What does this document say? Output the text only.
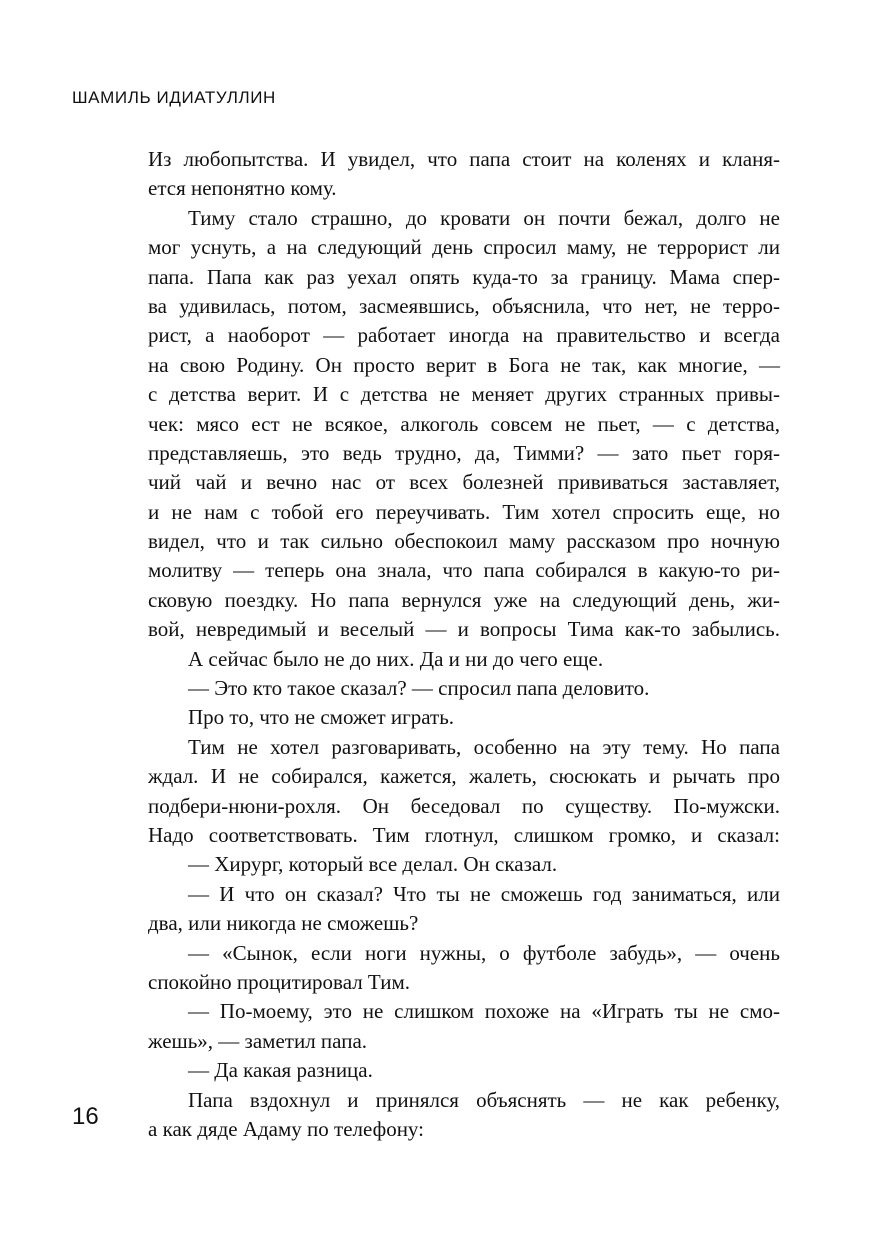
ШАМИЛЬ ИДИАТУЛЛИН
Из любопытства. И увидел, что папа стоит на коленях и кланя-
ется непонятно кому.
Тиму стало страшно, до кровати он почти бежал, долго не
мог уснуть, а на следующий день спросил маму, не террорист ли
папа. Папа как раз уехал опять куда-то за границу. Мама спер-
ва удивилась, потом, засмеявшись, объяснила, что нет, не терро-
рист, а наоборот — работает иногда на правительство и всегда
на свою Родину. Он просто верит в Бога не так, как многие, —
с детства верит. И с детства не меняет других странных привы-
чек: мясо ест не всякое, алкоголь совсем не пьет, — с детства,
представляешь, это ведь трудно, да, Тимми? — зато пьет горя-
чий чай и вечно нас от всех болезней прививаться заставляет,
и не нам с тобой его переучивать. Тим хотел спросить еще, но
видел, что и так сильно обеспокоил маму рассказом про ночную
молитву — теперь она знала, что папа собирался в какую-то ри-
сковую поездку. Но папа вернулся уже на следующий день, жи-
вой, невредимый и веселый — и вопросы Тима как-то забылись.
А сейчас было не до них. Да и ни до чего еще.
— Это кто такое сказал? — спросил папа деловито.
Про то, что не сможет играть.
Тим не хотел разговаривать, особенно на эту тему. Но папа
ждал. И не собирался, кажется, жалеть, сюсюкать и рычать про
подбери-нюни-рохля. Он беседовал по существу. По-мужски.
Надо соответствовать. Тим глотнул, слишком громко, и сказал:
— Хирург, который все делал. Он сказал.
— И что он сказал? Что ты не сможешь год заниматься, или
два, или никогда не сможешь?
— «Сынок, если ноги нужны, о футболе забудь», — очень
спокойно процитировал Тим.
— По-моему, это не слишком похоже на «Играть ты не смо-
жешь», — заметил папа.
— Да какая разница.
Папа вздохнул и принялся объяснять — не как ребенку,
а как дяде Адаму по телефону:
16
